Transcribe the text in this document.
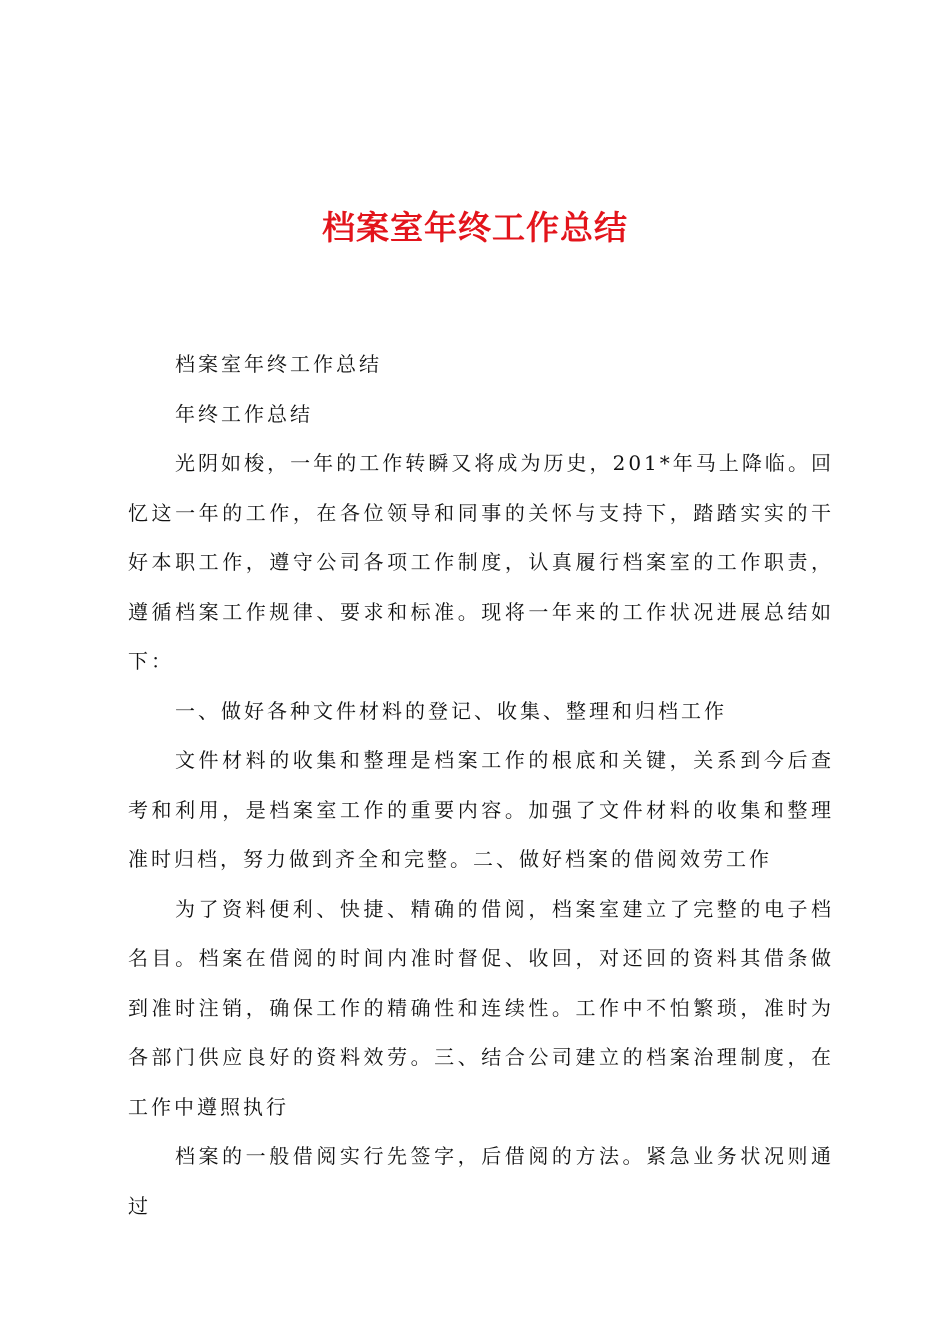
档案室年终工作总结

档案室年终工作总结

年终工作总结

光阴如梭，一年的工作转瞬又将成为历史，201*年马上降临。回忆这一年的工作，在各位领导和同事的关怀与支持下，踏踏实实的干好本职工作，遵守公司各项工作制度，认真履行档案室的工作职责，遵循档案工作规律、要求和标准。现将一年来的工作状况进展总结如下：

一、做好各种文件材料的登记、收集、整理和归档工作

文件材料的收集和整理是档案工作的根底和关键，关系到今后查考和利用，是档案室工作的重要内容。加强了文件材料的收集和整理准时归档，努力做到齐全和完整。二、做好档案的借阅效劳工作

为了资料便利、快捷、精确的借阅，档案室建立了完整的电子档名目。档案在借阅的时间内准时督促、收回，对还回的资料其借条做到准时注销，确保工作的精确性和连续性。工作中不怕繁琐，准时为各部门供应良好的资料效劳。三、结合公司建立的档案治理制度，在工作中遵照执行

档案的一般借阅实行先签字，后借阅的方法。紧急业务状况则通过
